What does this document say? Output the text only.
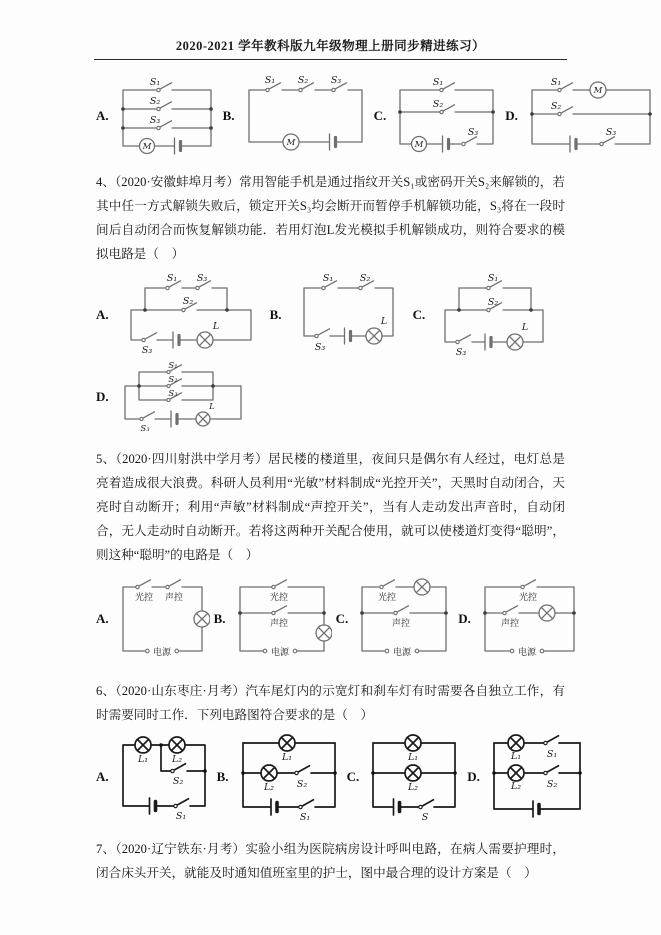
2020-2021 学年教科版九年级物理上册同步精进练习）
A.
M
S₁
S₂
S₃	B.
M
S₁ S₂ S₃
C.
M
S₁
S₂
S₃
D.
M
S₁
S₂
S₃

4、（2020·安徽蚌埠月考）常用智能手机是通过指纹开关S₁或密码开关S₂来解锁的，若其中任一方式解锁失败后，锁定开关S₃均会断开而暂停手机解锁功能，S₃将在一段时间后自动闭合而恢复解锁功能．若用灯泡L发光模拟手机解锁成功，则符合要求的模拟电路是（　）

A.
S₁ S₃
S₂
S₃
L
B.
S₁	S₂
S₃
L C.
S₁
S₂
S₃
L
D.
S₁
S₂
S₃
S₃
L

5、（2020·四川射洪中学月考）居民楼的楼道里，夜间只是偶尔有人经过，电灯总是亮着造成很大浪费。科研人员利用“光敏”材料制成“光控开关”，天黑时自动闭合，天亮时自动断开；利用“声敏”材料制成“声控开关”，当有人走动发出声音时，自动闭合，无人走动时自动断开。若将这两种开关配合使用，就可以使楼道灯变得“聪明”，则这种“聪明”的电路是（　）

A.
光控 声控
电源
B.
光控
声控
电源
C.
光控
声控
电源
D.
光控
声控
电源

6、（2020·山东枣庄·月考）汽车尾灯内的示宽灯和刹车灯有时需要各自独立工作，有时需要同时工作．下列电路图符合要求的是（　）

A.
L₁	L₂
S₂
S₁
B.
L₁
L₂ S₂
S₁
C.
L₁
L₂
S
D.
L₁	S₁
L₂	S₂

7、（2020·辽宁铁东·月考）实验小组为医院病房设计呼叫电路，在病人需要护理时，闭合床头开关，就能及时通知值班室里的护士，图中最合理的设计方案是（　）
